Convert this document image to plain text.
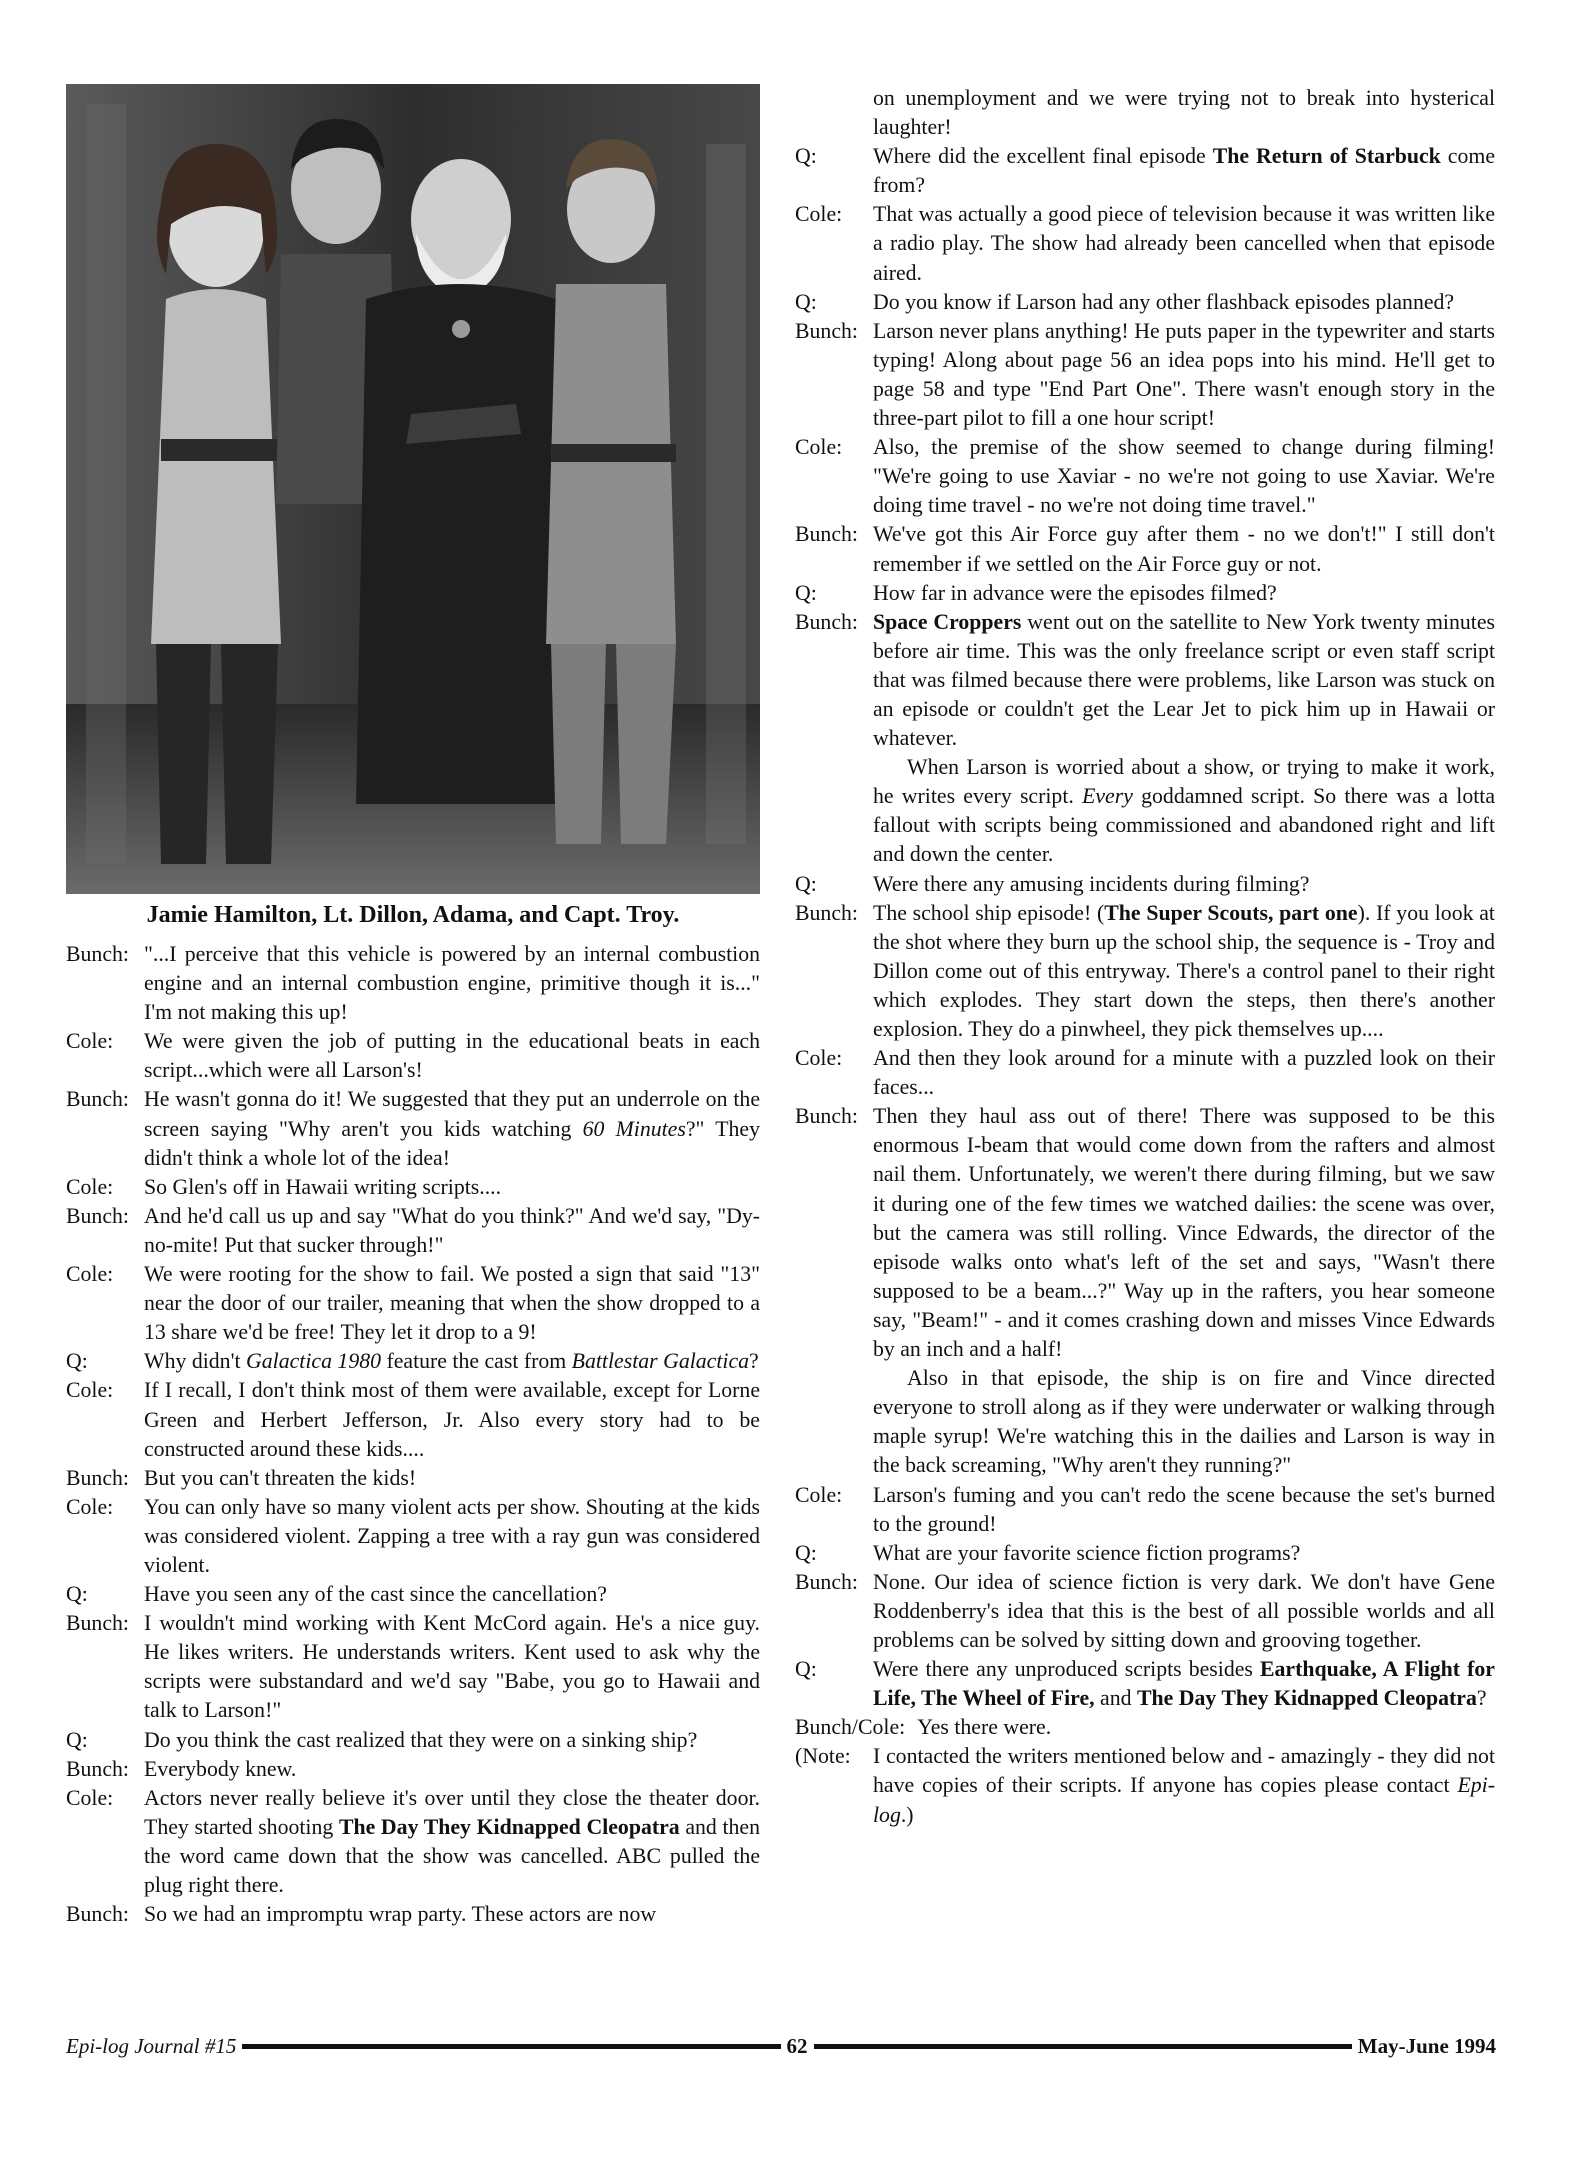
Jamie Hamilton, Lt. Dillon, Adama, and Capt. Troy.
Bunch: "...I perceive that this vehicle is powered by an internal combustion engine and an internal combustion engine, primitive though it is..." I'm not making this up!
Cole:	We were given the job of putting in the educational beats in each script...which were all Larson's!
Bunch: He wasn't gonna do it! We suggested that they put an underrole on the screen saying "Why aren't you kids watching 60 Minutes?" They didn't think a whole lot of the idea!
Cole:	So Glen's off in Hawaii writing scripts....
Bunch: And he'd call us up and say "What do you think?" And we'd say, "Dy-no-mite! Put that sucker through!"
Cole:	We were rooting for the show to fail. We posted a sign that said "13" near the door of our trailer, meaning that when the show dropped to a 13 share we'd be free! They let it drop to a 9!
Q:	Why didn't Galactica 1980 feature the cast from Battlestar Galactica?
Cole:	If I recall, I don't think most of them were available, except for Lorne Green and Herbert Jefferson, Jr. Also every story had to be constructed around these kids....
Bunch: But you can't threaten the kids!
Cole:	You can only have so many violent acts per show. Shouting at the kids was considered violent. Zapping a tree with a ray gun was considered violent.
Q:	Have you seen any of the cast since the cancellation?
Bunch: I wouldn't mind working with Kent McCord again. He's a nice guy. He likes writers. He understands writers. Kent used to ask why the scripts were substandard and we'd say "Babe, you go to Hawaii and talk to Larson!"
Q:	Do you think the cast realized that they were on a sinking ship?
Bunch: Everybody knew.
Cole:	Actors never really believe it's over until they close the theater door. They started shooting The Day They Kidnapped Cleopatra and then the word came down that the show was cancelled. ABC pulled the plug right there.
Bunch: So we had an impromptu wrap party. These actors are now
on unemployment and we were trying not to break into hysterical laughter!
Q:	Where did the excellent final episode The Return of Starbuck come from?
Cole:	That was actually a good piece of television because it was written like a radio play. The show had already been cancelled when that episode aired.
Q:	Do you know if Larson had any other flashback episodes planned?
Bunch: Larson never plans anything! He puts paper in the typewriter and starts typing! Along about page 56 an idea pops into his mind. He'll get to page 58 and type "End Part One". There wasn't enough story in the three-part pilot to fill a one hour script!
Cole:	Also, the premise of the show seemed to change during filming! "We're going to use Xaviar - no we're not going to use Xaviar. We're doing time travel - no we're not doing time travel."
Bunch: We've got this Air Force guy after them - no we don't!" I still don't remember if we settled on the Air Force guy or not.
Q:	How far in advance were the episodes filmed?
Bunch: Space Croppers went out on the satellite to New York twenty minutes before air time. This was the only freelance script or even staff script that was filmed because there were problems, like Larson was stuck on an episode or couldn't get the Lear Jet to pick him up in Hawaii or whatever.
When Larson is worried about a show, or trying to make it work, he writes every script. Every goddamned script. So there was a lotta fallout with scripts being commissioned and abandoned right and lift and down the center.
Q:	Were there any amusing incidents during filming?
Bunch: The school ship episode! (The Super Scouts, part one). If you look at the shot where they burn up the school ship, the sequence is - Troy and Dillon come out of this entryway. There's a control panel to their right which explodes. They start down the steps, then there's another explosion. They do a pinwheel, they pick themselves up....
Cole:	And then they look around for a minute with a puzzled look on their faces...
Bunch: Then they haul ass out of there! There was supposed to be this enormous I-beam that would come down from the rafters and almost nail them. Unfortunately, we weren't there during filming, but we saw it during one of the few times we watched dailies: the scene was over, but the camera was still rolling. Vince Edwards, the director of the episode walks onto what's left of the set and says, "Wasn't there supposed to be a beam...?" Way up in the rafters, you hear someone say, "Beam!" - and it comes crashing down and misses Vince Edwards by an inch and a half!
Also in that episode, the ship is on fire and Vince directed everyone to stroll along as if they were underwater or walking through maple syrup! We're watching this in the dailies and Larson is way in the back screaming, "Why aren't they running?"
Cole:	Larson's fuming and you can't redo the scene because the set's burned to the ground!
Q:	What are your favorite science fiction programs?
Bunch: None. Our idea of science fiction is very dark. We don't have Gene Roddenberry's idea that this is the best of all possible worlds and all problems can be solved by sitting down and grooving together.
Q:	Were there any unproduced scripts besides Earthquake, A Flight for Life, The Wheel of Fire, and The Day They Kidnapped Cleopatra?
Bunch/Cole: Yes there were.
(Note:	I contacted the writers mentioned below and - amazingly - they did not have copies of their scripts. If anyone has copies please contact Epi-log.)
Epi-log Journal #15	62	May-June 1994
